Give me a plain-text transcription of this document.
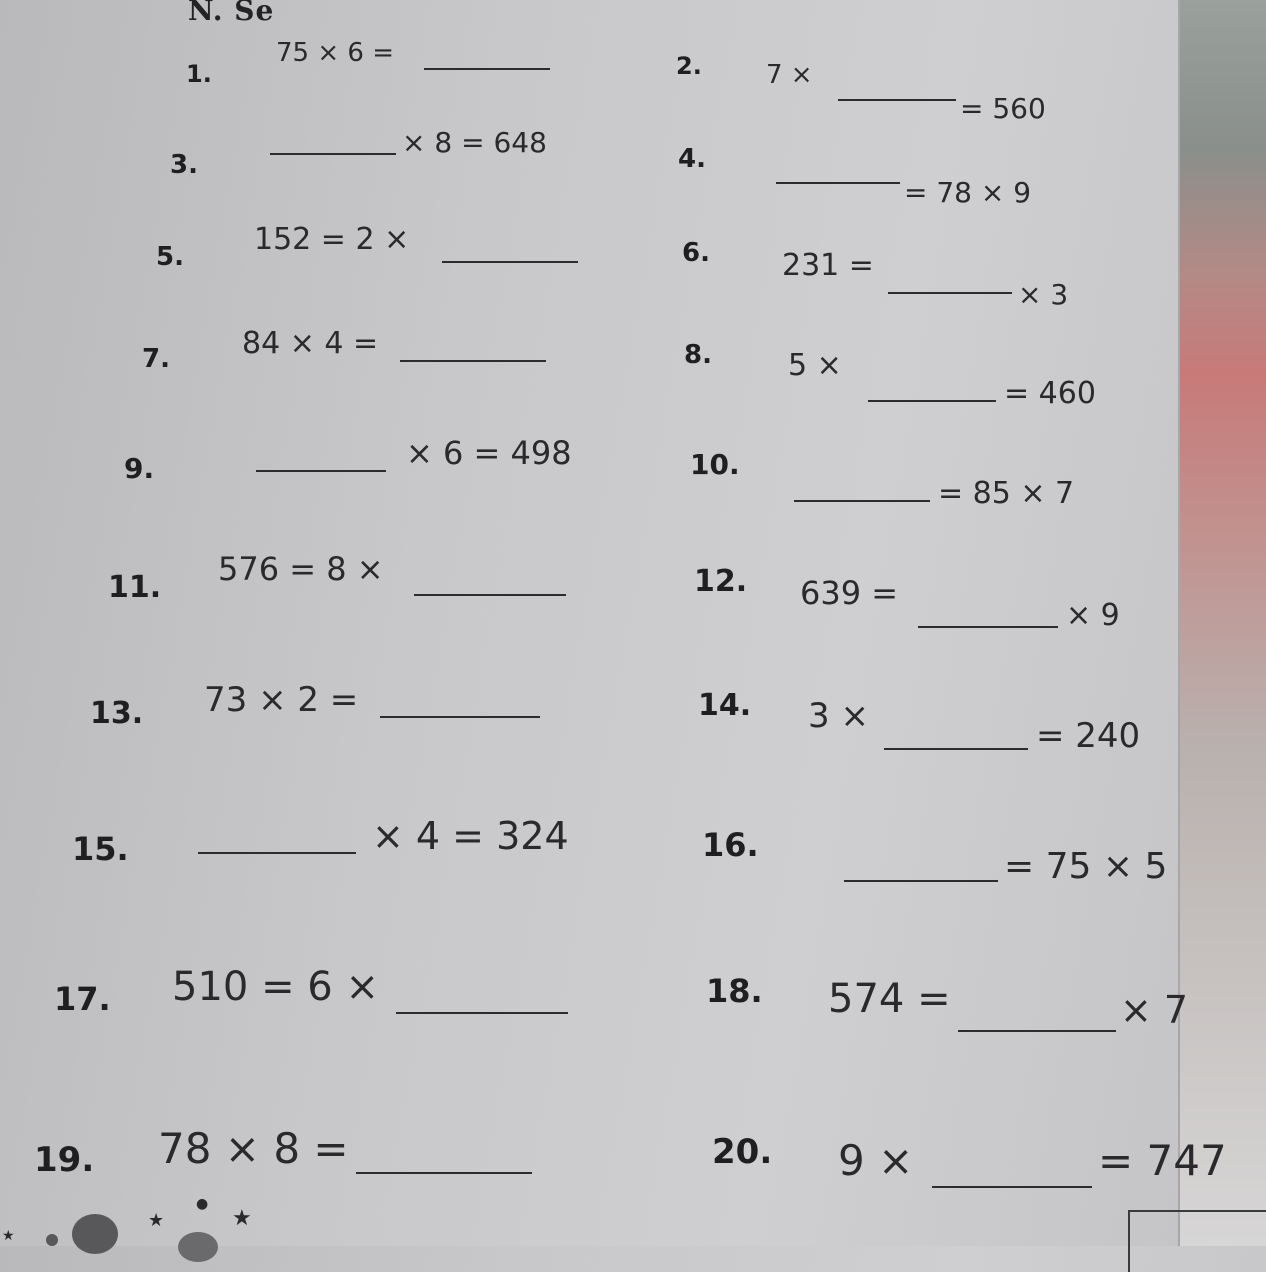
N. Se
1.
75 × 6 =	2. 7 ×
= 560
3.
× 8 = 648	4.
= 78 × 9
5. 152 = 2 ×	6. 231 =
× 3
7. 84 × 4 =	8.	5 ×
= 460
9.	× 6 = 498	10.
= 85 × 7
11. 576 = 8 ×	12. 639 =
× 9
13. 73 × 2 =	14. 3 ×	= 240
15.	× 4 = 324	16.
= 75 × 5
17. 510 = 6 ×	18. 574 =	× 7
19. 78 × 8 =	20. 9 ×	= 747
★	★
●
★
